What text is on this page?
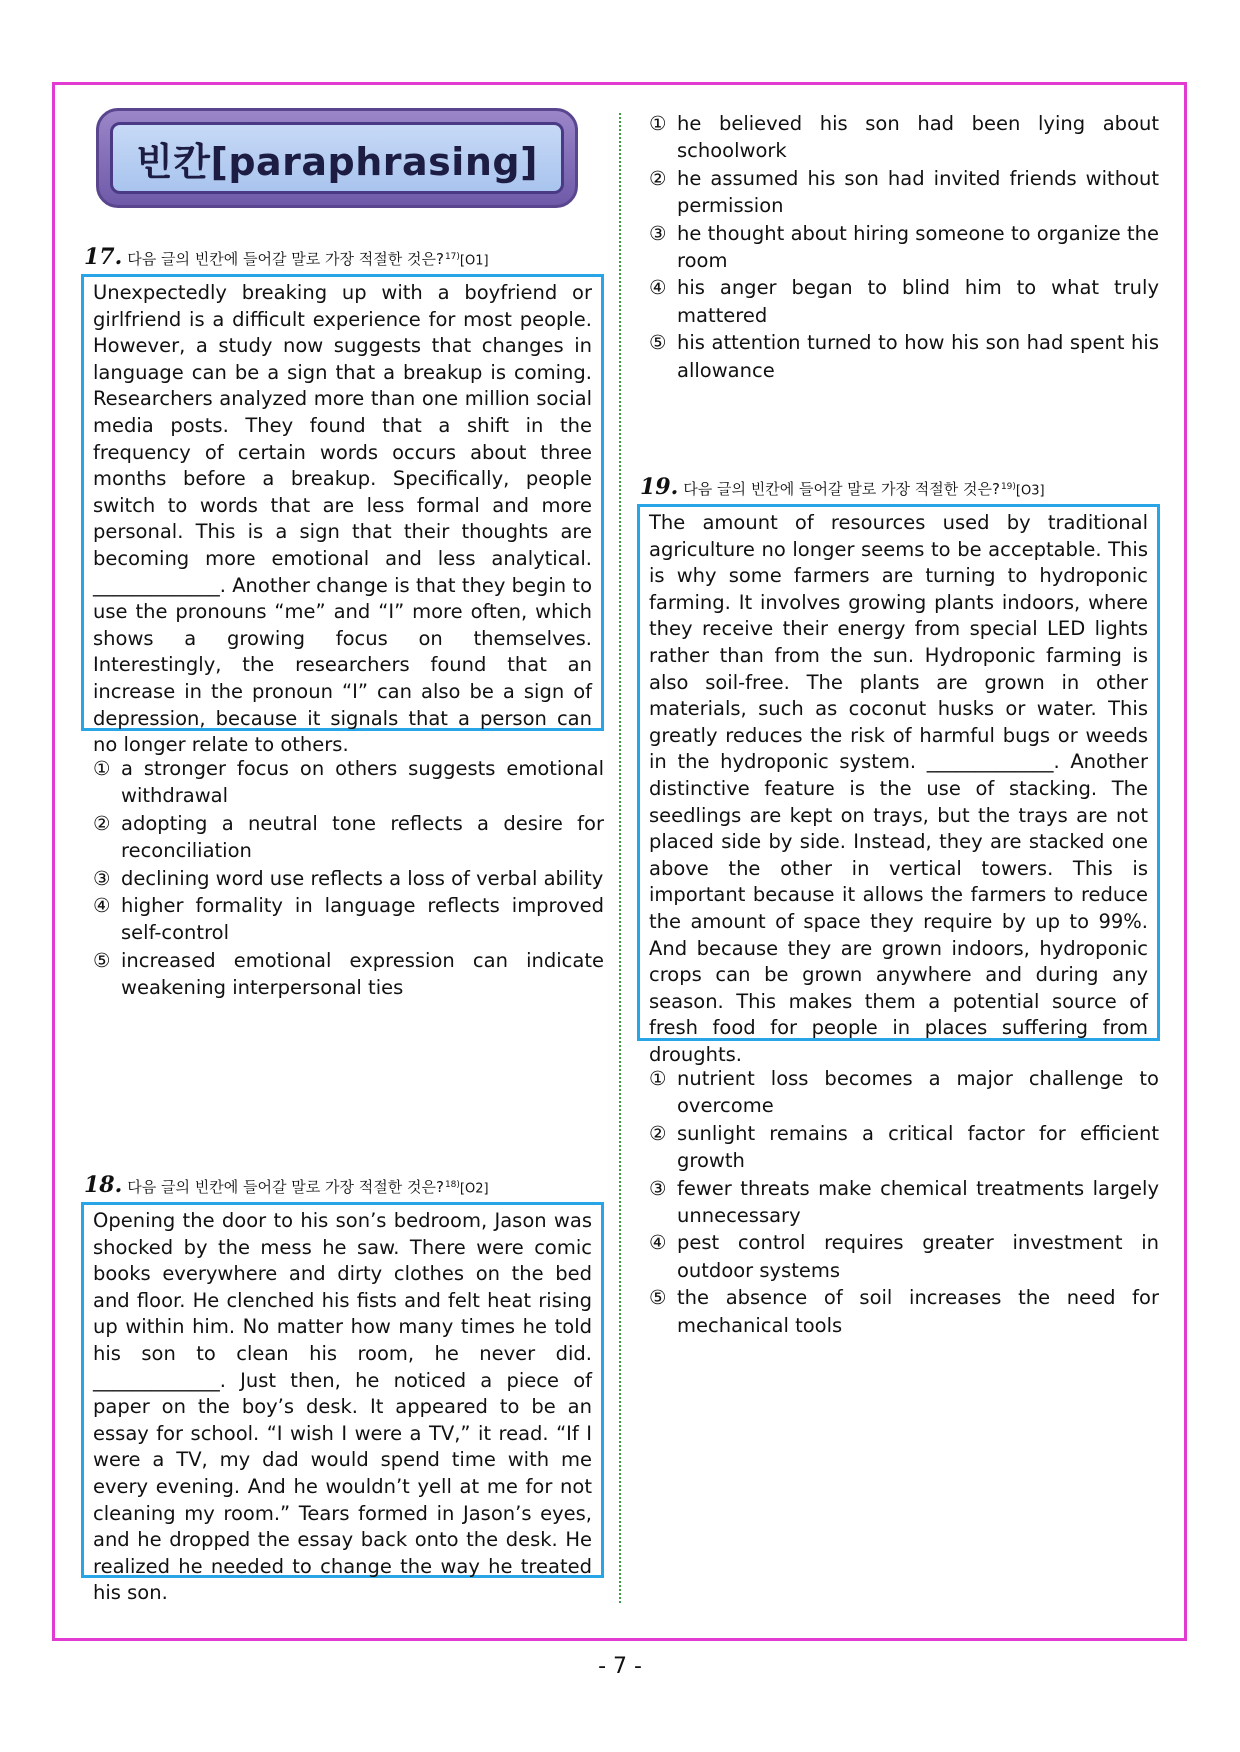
빈칸[paraphrasing]
17. 다음 글의 빈칸에 들어갈 말로 가장 적절한 것은? $^{17)}$[O1]
Unexpectedly breaking up with a boyfriend or girlfriend is a difficult experience for most people. However, a study now suggests that changes in language can be a sign that a breakup is coming. Researchers analyzed more than one million social media posts. They found that a shift in the frequency of certain words occurs about three months before a breakup. Specifically, people switch to words that are less formal and more personal. This is a sign that their thoughts are becoming more emotional and less analytical. _____________. Another change is that they begin to use the pronouns “me” and “I” more often, which shows a growing focus on themselves. Interestingly, the researchers found that an increase in the pronoun “I” can also be a sign of depression, because it signals that a person can no longer relate to others.
① a stronger focus on others suggests emotional withdrawal
② adopting a neutral tone reflects a desire for reconciliation
③ declining word use reflects a loss of verbal ability
④ higher formality in language reflects improved self-control
⑤ increased emotional expression can indicate weakening interpersonal ties
18. 다음 글의 빈칸에 들어갈 말로 가장 적절한 것은? $^{18)}$[O2]
Opening the door to his son’s bedroom, Jason was shocked by the mess he saw. There were comic books everywhere and dirty clothes on the bed and floor. He clenched his fists and felt heat rising up within him. No matter how many times he told his son to clean his room, he never did. _____________. Just then, he noticed a piece of paper on the boy’s desk. It appeared to be an essay for school. “I wish I were a TV,” it read. “If I were a TV, my dad would spend time with me every evening. And he wouldn’t yell at me for not cleaning my room.” Tears formed in Jason’s eyes, and he dropped the essay back onto the desk. He realized he needed to change the way he treated his son.
① he believed his son had been lying about schoolwork
② he assumed his son had invited friends without permission
③ he thought about hiring someone to organize the room
④ his anger began to blind him to what truly mattered
⑤ his attention turned to how his son had spent his allowance
19. 다음 글의 빈칸에 들어갈 말로 가장 적절한 것은? $^{19)}$[O3]
The amount of resources used by traditional agriculture no longer seems to be acceptable. This is why some farmers are turning to hydroponic farming. It involves growing plants indoors, where they receive their energy from special LED lights rather than from the sun. Hydroponic farming is also soil-free. The plants are grown in other materials, such as coconut husks or water. This greatly reduces the risk of harmful bugs or weeds in the hydroponic system. _____________. Another distinctive feature is the use of stacking. The seedlings are kept on trays, but the trays are not placed side by side. Instead, they are stacked one above the other in vertical towers. This is important because it allows the farmers to reduce the amount of space they require by up to 99%. And because they are grown indoors, hydroponic crops can be grown anywhere and during any season. This makes them a potential source of fresh food for people in places suffering from droughts.
① nutrient loss becomes a major challenge to overcome
② sunlight remains a critical factor for efficient growth
③ fewer threats make chemical treatments largely unnecessary
④ pest control requires greater investment in outdoor systems
⑤ the absence of soil increases the need for mechanical tools
- 7 -
